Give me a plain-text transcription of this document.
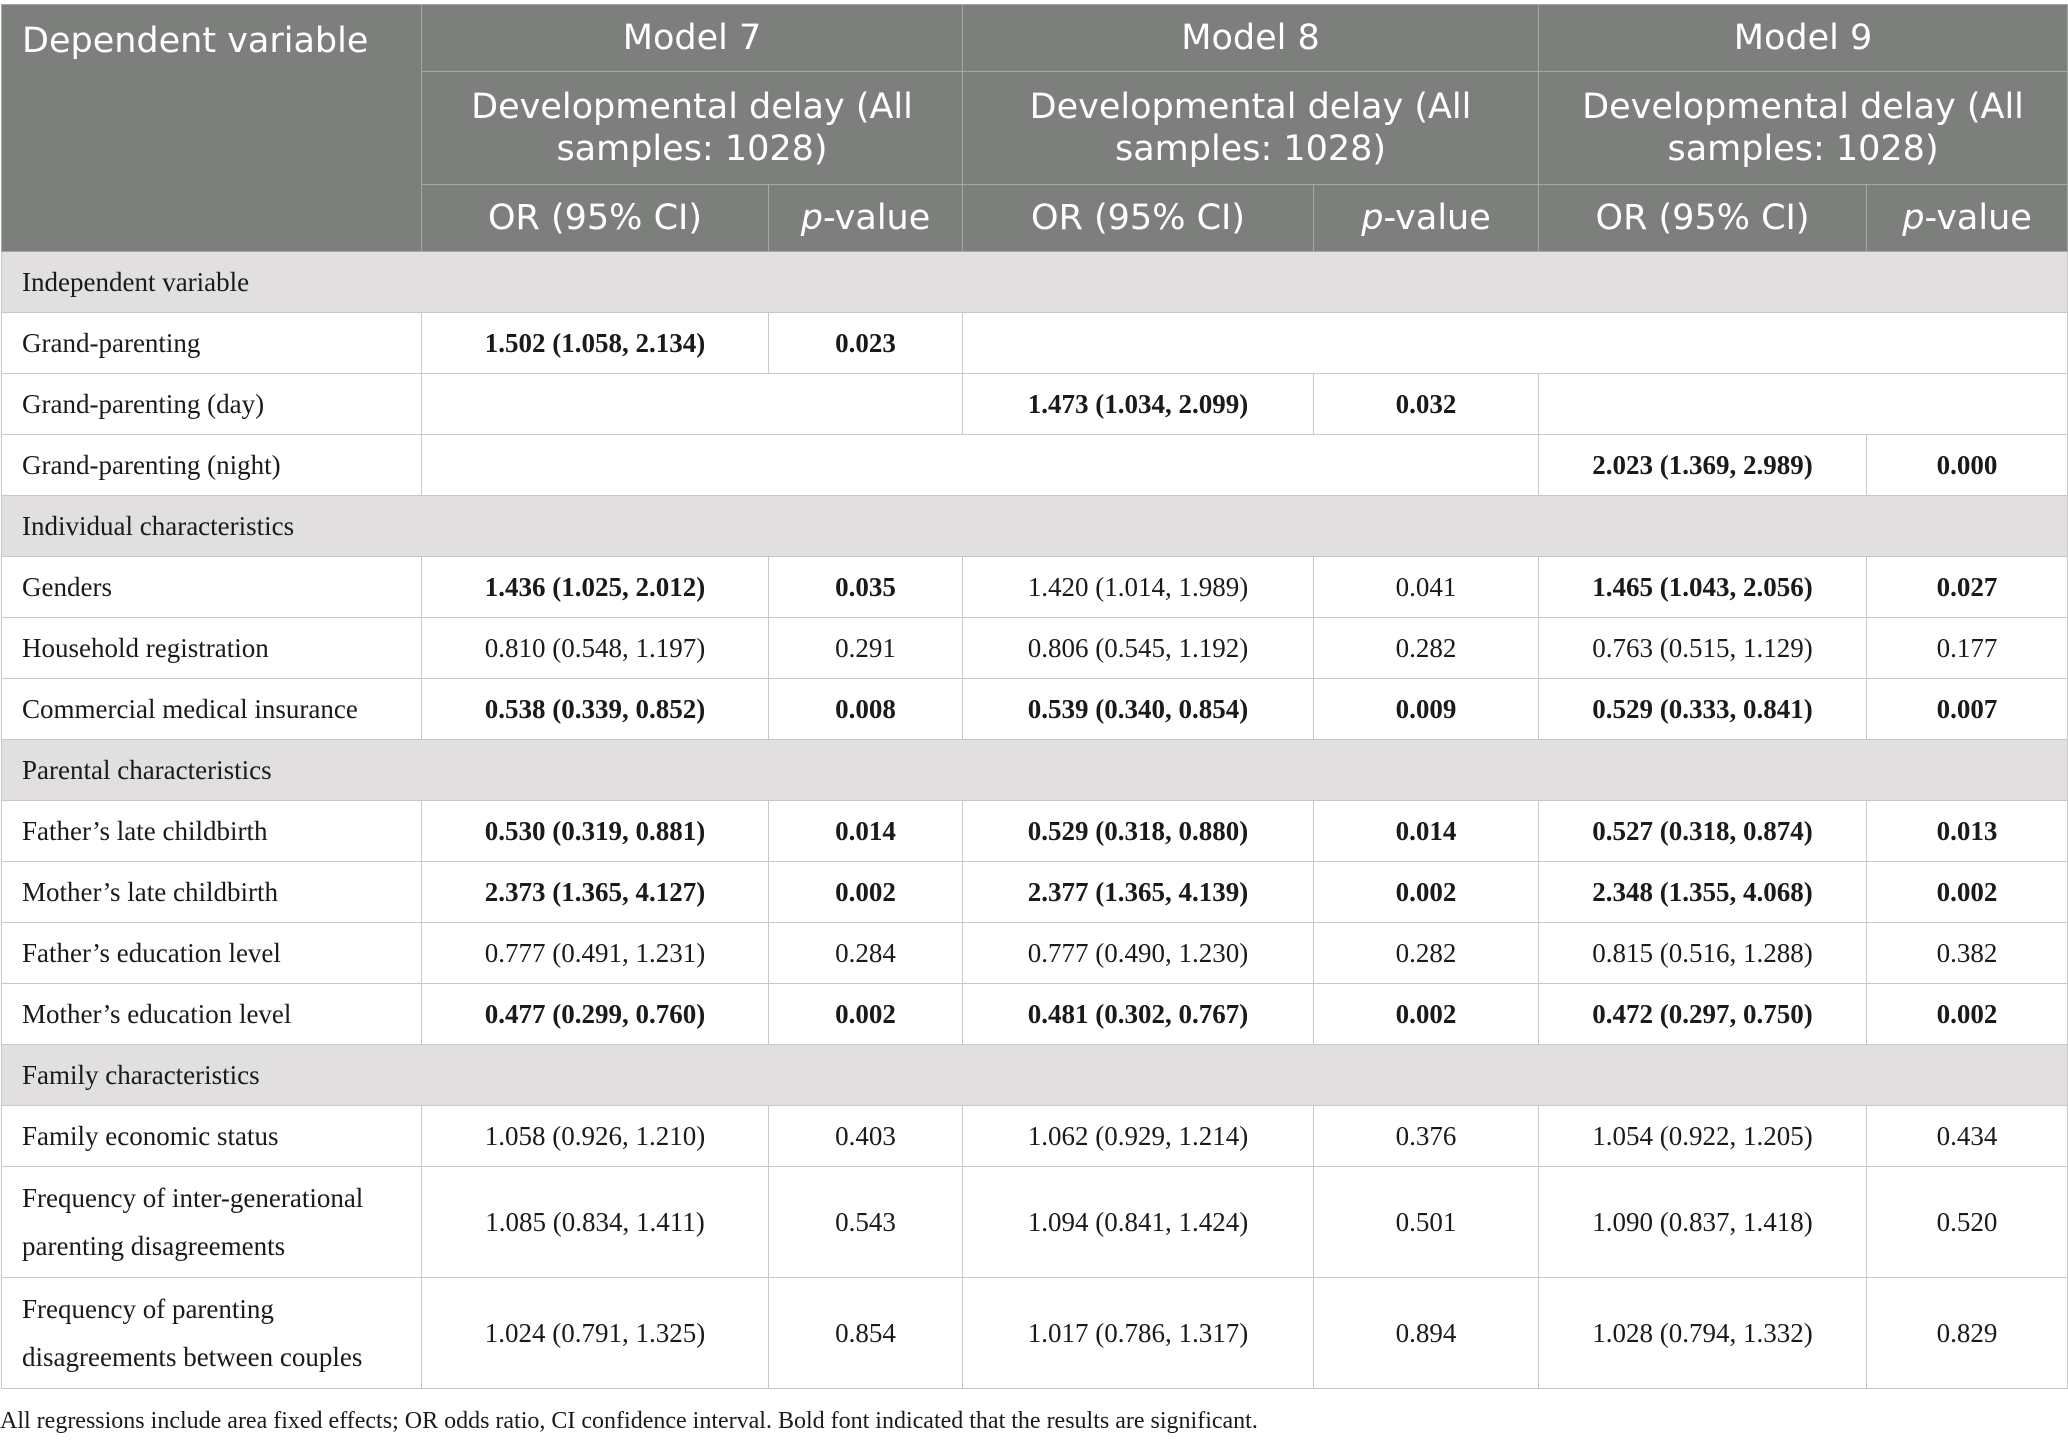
Dependent variable	Model 7		Model 8		Model 9	
	Developmental delay (All samples: 1028)		Developmental delay (All samples: 1028)		Developmental delay (All samples: 1028)	
	OR (95% CI)	p-value	OR (95% CI)	p-value	OR (95% CI)	p-value
Independent variable						
Grand-parenting	1.502 (1.058, 2.134)	0.023				
Grand-parenting (day)			1.473 (1.034, 2.099)	0.032		
Grand-parenting (night)					2.023 (1.369, 2.989)	0.000
Individual characteristics						
Genders	1.436 (1.025, 2.012)	0.035	1.420 (1.014, 1.989)	0.041	1.465 (1.043, 2.056)	0.027
Household registration	0.810 (0.548, 1.197)	0.291	0.806 (0.545, 1.192)	0.282	0.763 (0.515, 1.129)	0.177
Commercial medical insurance	0.538 (0.339, 0.852)	0.008	0.539 (0.340, 0.854)	0.009	0.529 (0.333, 0.841)	0.007
Parental characteristics						
Father’s late childbirth	0.530 (0.319, 0.881)	0.014	0.529 (0.318, 0.880)	0.014	0.527 (0.318, 0.874)	0.013
Mother’s late childbirth	2.373 (1.365, 4.127)	0.002	2.377 (1.365, 4.139)	0.002	2.348 (1.355, 4.068)	0.002
Father’s education level	0.777 (0.491, 1.231)	0.284	0.777 (0.490, 1.230)	0.282	0.815 (0.516, 1.288)	0.382
Mother’s education level	0.477 (0.299, 0.760)	0.002	0.481 (0.302, 0.767)	0.002	0.472 (0.297, 0.750)	0.002
Family characteristics						
Family economic status	1.058 (0.926, 1.210)	0.403	1.062 (0.929, 1.214)	0.376	1.054 (0.922, 1.205)	0.434
Frequency of inter-generational parenting disagreements	1.085 (0.834, 1.411)	0.543	1.094 (0.841, 1.424)	0.501	1.090 (0.837, 1.418)	0.520
Frequency of parenting disagreements between couples	1.024 (0.791, 1.325)	0.854	1.017 (0.786, 1.317)	0.894	1.028 (0.794, 1.332)	0.829
All regressions include area fixed effects; OR odds ratio, CI confidence interval. Bold font indicated that the results are significant.
